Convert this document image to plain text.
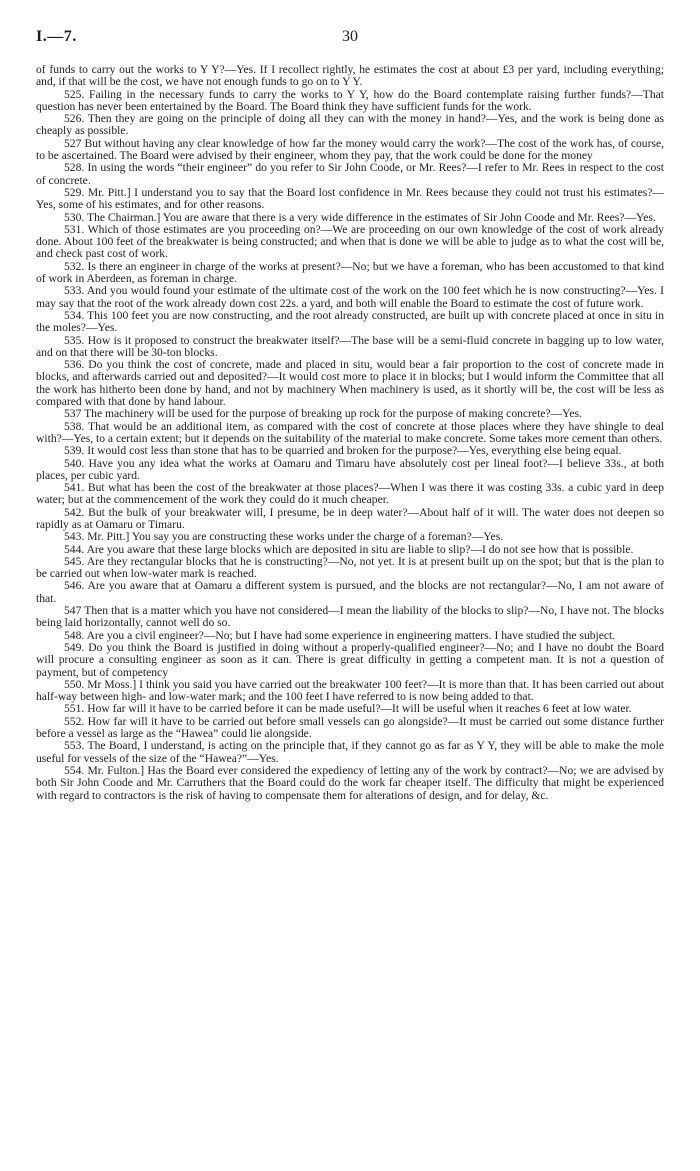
I.—7.	30

of funds to carry out the works to Y Y?—Yes. If I recollect rightly, he estimates the cost at about £3 per yard, including everything; and, if that will be the cost, we have not enough funds to go on to Y Y.

525. Failing in the necessary funds to carry the works to Y Y, how do the Board contemplate raising further funds?—That question has never been entertained by the Board. The Board think they have sufficient funds for the work.

526. Then they are going on the principle of doing all they can with the money in hand?—Yes, and the work is being done as cheaply as possible.

527 But without having any clear knowledge of how far the money would carry the work?—The cost of the work has, of course, to be ascertained. The Board were advised by their engineer, whom they pay, that the work could be done for the money

528. In using the words “their engineer” do you refer to Sir John Coode, or Mr. Rees?—I refer to Mr. Rees in respect to the cost of concrete.

529. Mr. Pitt.] I understand you to say that the Board lost confidence in Mr. Rees because they could not trust his estimates?—Yes, some of his estimates, and for other reasons.

530. The Chairman.] You are aware that there is a very wide difference in the estimates of Sir John Coode and Mr. Rees?—Yes.

531. Which of those estimates are you proceeding on?—We are proceeding on our own knowledge of the cost of work already done. About 100 feet of the breakwater is being constructed; and when that is done we will be able to judge as to what the cost will be, and check past cost of work.

532. Is there an engineer in charge of the works at present?—No; but we have a foreman, who has been accustomed to that kind of work in Aberdeen, as foreman in charge.

533. And you would found your estimate of the ultimate cost of the work on the 100 feet which he is now constructing?—Yes. I may say that the root of the work already down cost 22s. a yard, and both will enable the Board to estimate the cost of future work.

534. This 100 feet you are now constructing, and the root already constructed, are built up with concrete placed at once in situ in the moles?—Yes.

535. How is it proposed to construct the breakwater itself?—The base will be a semi-fluid concrete in bagging up to low water, and on that there will be 30-ton blocks.

536. Do you think the cost of concrete, made and placed in situ, would bear a fair proportion to the cost of concrete made in blocks, and afterwards carried out and deposited?—It would cost more to place it in blocks; but I would inform the Committee that all the work has hitherto been done by hand, and not by machinery When machinery is used, as it shortly will be, the cost will be less as compared with that done by hand labour.

537 The machinery will be used for the purpose of breaking up rock for the purpose of making concrete?—Yes.

538. That would be an additional item, as compared with the cost of concrete at those places where they have shingle to deal with?—Yes, to a certain extent; but it depends on the suitability of the material to make concrete. Some takes more cement than others.

539. It would cost less than stone that has to be quarried and broken for the purpose?—Yes, everything else being equal.

540. Have you any idea what the works at Oamaru and Timaru have absolutely cost per lineal foot?—I believe 33s., at both places, per cubic yard.

541. But what has been the cost of the breakwater at those places?—When I was there it was costing 33s. a cubic yard in deep water; but at the commencement of the work they could do it much cheaper.

542. But the bulk of your breakwater will, I presume, be in deep water?—About half of it will. The water does not deepen so rapidly as at Oamaru or Timaru.

543. Mr. Pitt.] You say you are constructing these works under the charge of a foreman?—Yes.

544. Are you aware that these large blocks which are deposited in situ are liable to slip?—I do not see how that is possible.

545. Are they rectangular blocks that he is constructing?—No, not yet. It is at present built up on the spot; but that is the plan to be carried out when low-water mark is reached.

546. Are you aware that at Oamaru a different system is pursued, and the blocks are not rectangular?—No, I am not aware of that.

547 Then that is a matter which you have not considered—I mean the liability of the blocks to slip?—No, I have not. The blocks being laid horizontally, cannot well do so.

548. Are you a civil engineer?—No; but I have had some experience in engineering matters. I have studied the subject.

549. Do you think the Board is justified in doing without a properly-qualified engineer?—No; and I have no doubt the Board will procure a consulting engineer as soon as it can. There is great difficulty in getting a competent man. It is not a question of payment, but of competency

550. Mr Moss.] I think you said you have carried out the breakwater 100 feet?—It is more than that. It has been carried out about half-way between high- and low-water mark; and the 100 feet I have referred to is now being added to that.

551. How far will it have to be carried before it can be made useful?—It will be useful when it reaches 6 feet at low water.

552. How far will it have to be carried out before small vessels can go alongside?—It must be carried out some distance further before a vessel as large as the “Hawea” could lie alongside.

553. The Board, I understand, is acting on the principle that, if they cannot go as far as Y Y, they will be able to make the mole useful for vessels of the size of the “Hawea?”—Yes.

554. Mr. Fulton.] Has the Board ever considered the expediency of letting any of the work by contract?—No; we are advised by both Sir John Coode and Mr. Carruthers that the Board could do the work far cheaper itself. The difficulty that might be experienced with regard to contractors is the risk of having to compensate them for alterations of design, and for delay, &c.
